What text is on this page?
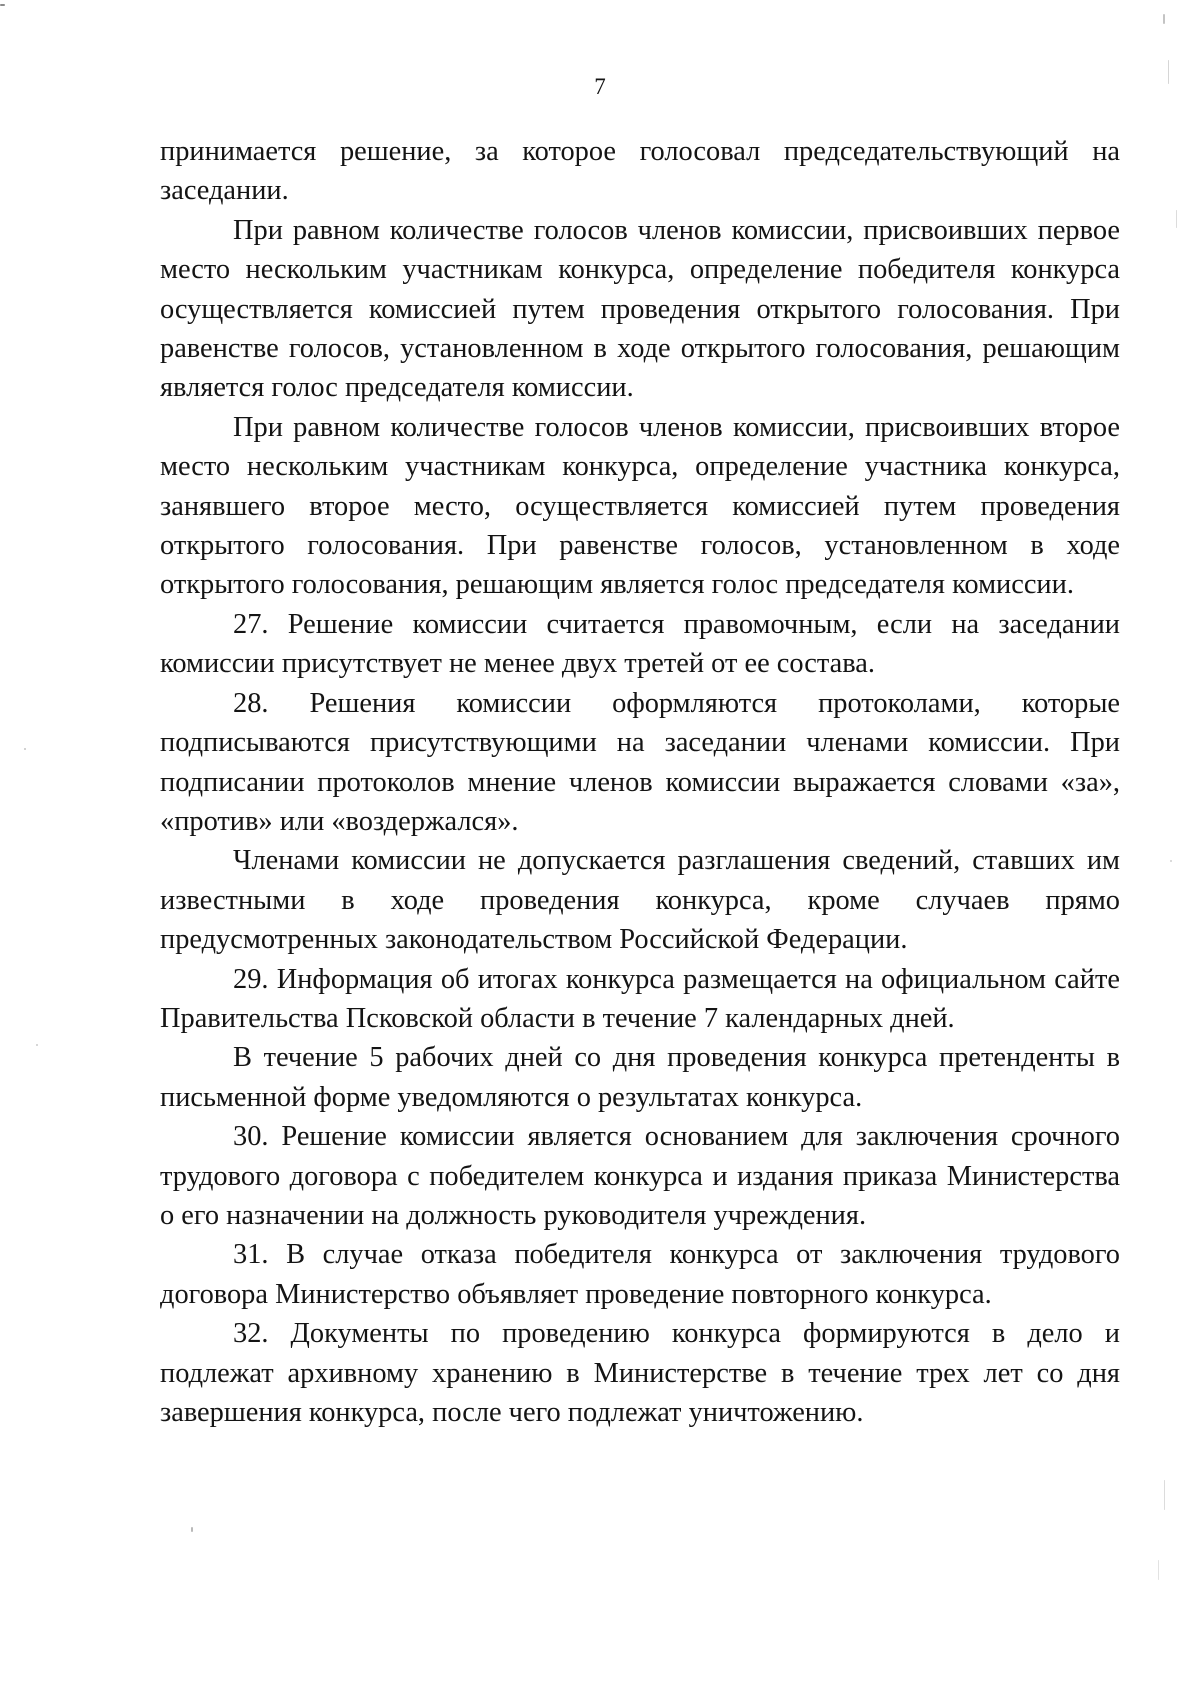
7

принимается решение, за которое голосовал председательствующий на заседании.

При равном количестве голосов членов комиссии, присвоивших первое место нескольким участникам конкурса, определение победителя конкурса осуществляется комиссией путем проведения открытого голосования. При равенстве голосов, установленном в ходе открытого голосования, решающим является голос председателя комиссии.

При равном количестве голосов членов комиссии, присвоивших второе место нескольким участникам конкурса, определение участника конкурса, занявшего второе место, осуществляется комиссией путем проведения открытого голосования. При равенстве голосов, установленном в ходе открытого голосования, решающим является голос председателя комиссии.

27. Решение комиссии считается правомочным, если на заседании комиссии присутствует не менее двух третей от ее состава.

28. Решения комиссии оформляются протоколами, которые подписываются присутствующими на заседании членами комиссии. При подписании протоколов мнение членов комиссии выражается словами «за», «против» или «воздержался».

Членами комиссии не допускается разглашения сведений, ставших им известными в ходе проведения конкурса, кроме случаев прямо предусмотренных законодательством Российской Федерации.

29. Информация об итогах конкурса размещается на официальном сайте Правительства Псковской области в течение 7 календарных дней.

В течение 5 рабочих дней со дня проведения конкурса претенденты в письменной форме уведомляются о результатах конкурса.

30. Решение комиссии является основанием для заключения срочного трудового договора с победителем конкурса и издания приказа Министерства о его назначении на должность руководителя учреждения.

31. В случае отказа победителя конкурса от заключения трудового договора Министерство объявляет проведение повторного конкурса.

32. Документы по проведению конкурса формируются в дело и подлежат архивному хранению в Министерстве в течение трех лет со дня завершения конкурса, после чего подлежат уничтожению.
